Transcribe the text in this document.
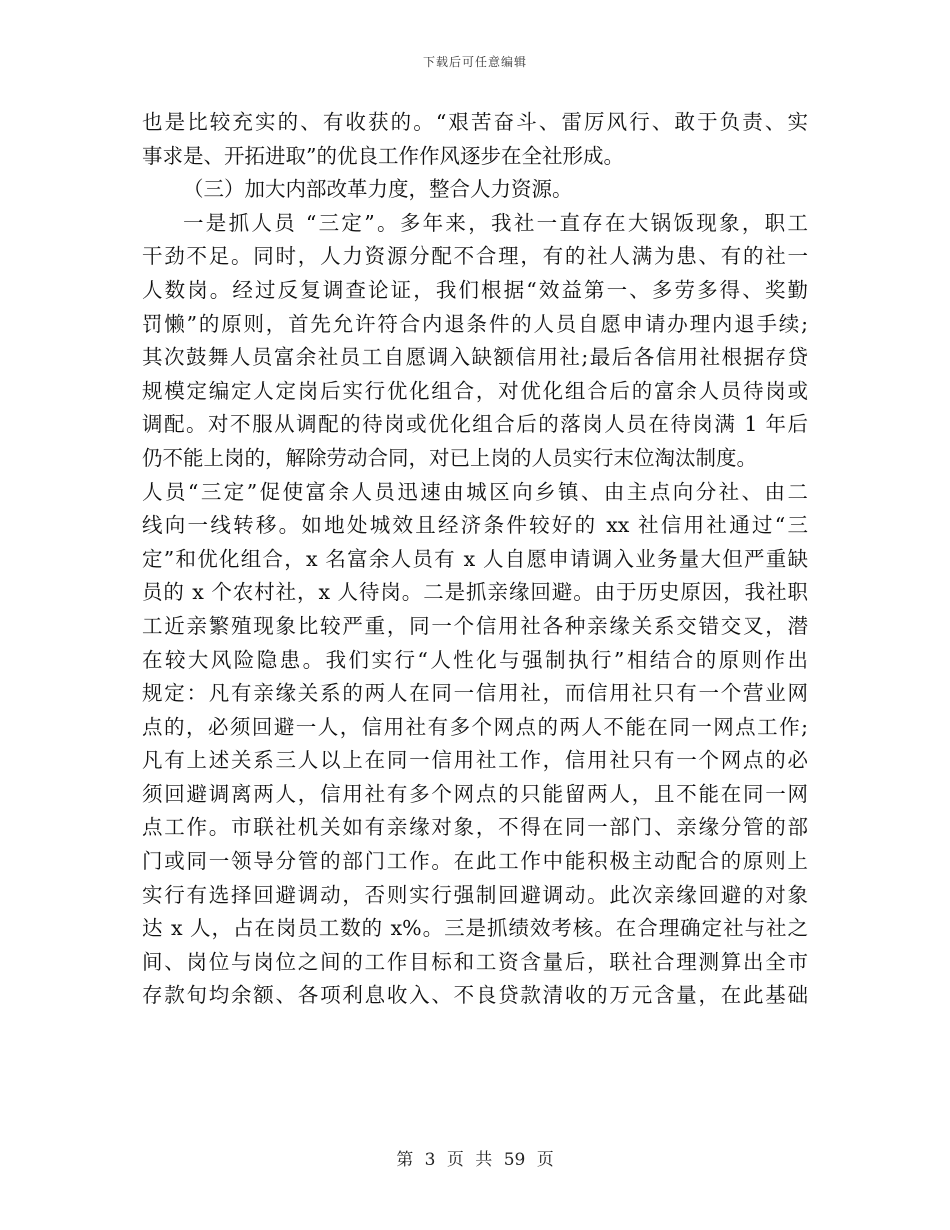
下载后可任意编辑
也是比较充实的、有收获的。“艰苦奋斗、雷厉风行、敢于负责、实
事求是、开拓进取”的优良工作作风逐步在全社形成。
（三）加大内部改革力度，整合人力资源。
一是抓人员 “三定”。多年来，我社一直存在大锅饭现象，职工
干劲不足。同时，人力资源分配不合理，有的社人满为患、有的社一
人数岗。经过反复调查论证，我们根据“效益第一、多劳多得、奖勤
罚懒”的原则，首先允许符合内退条件的人员自愿申请办理内退手续;
其次鼓舞人员富余社员工自愿调入缺额信用社;最后各信用社根据存贷
规模定编定人定岗后实行优化组合，对优化组合后的富余人员待岗或
调配。对不服从调配的待岗或优化组合后的落岗人员在待岗满 1 年后
仍不能上岗的，解除劳动合同，对已上岗的人员实行末位淘汰制度。
人员“三定”促使富余人员迅速由城区向乡镇、由主点向分社、由二
线向一线转移。如地处城效且经济条件较好的 xx 社信用社通过“三
定”和优化组合，x 名富余人员有 x 人自愿申请调入业务量大但严重缺
员的 x 个农村社，x 人待岗。二是抓亲缘回避。由于历史原因，我社职
工近亲繁殖现象比较严重，同一个信用社各种亲缘关系交错交叉，潜
在较大风险隐患。我们实行“人性化与强制执行”相结合的原则作出
规定：凡有亲缘关系的两人在同一信用社，而信用社只有一个营业网
点的，必须回避一人，信用社有多个网点的两人不能在同一网点工作;
凡有上述关系三人以上在同一信用社工作，信用社只有一个网点的必
须回避调离两人，信用社有多个网点的只能留两人，且不能在同一网
点工作。市联社机关如有亲缘对象，不得在同一部门、亲缘分管的部
门或同一领导分管的部门工作。在此工作中能积极主动配合的原则上
实行有选择回避调动，否则实行强制回避调动。此次亲缘回避的对象
达 x 人，占在岗员工数的 x%。三是抓绩效考核。在合理确定社与社之
间、岗位与岗位之间的工作目标和工资含量后，联社合理测算出全市
存款旬均余额、各项利息收入、不良贷款清收的万元含量，在此基础
第 3 页 共 59 页
